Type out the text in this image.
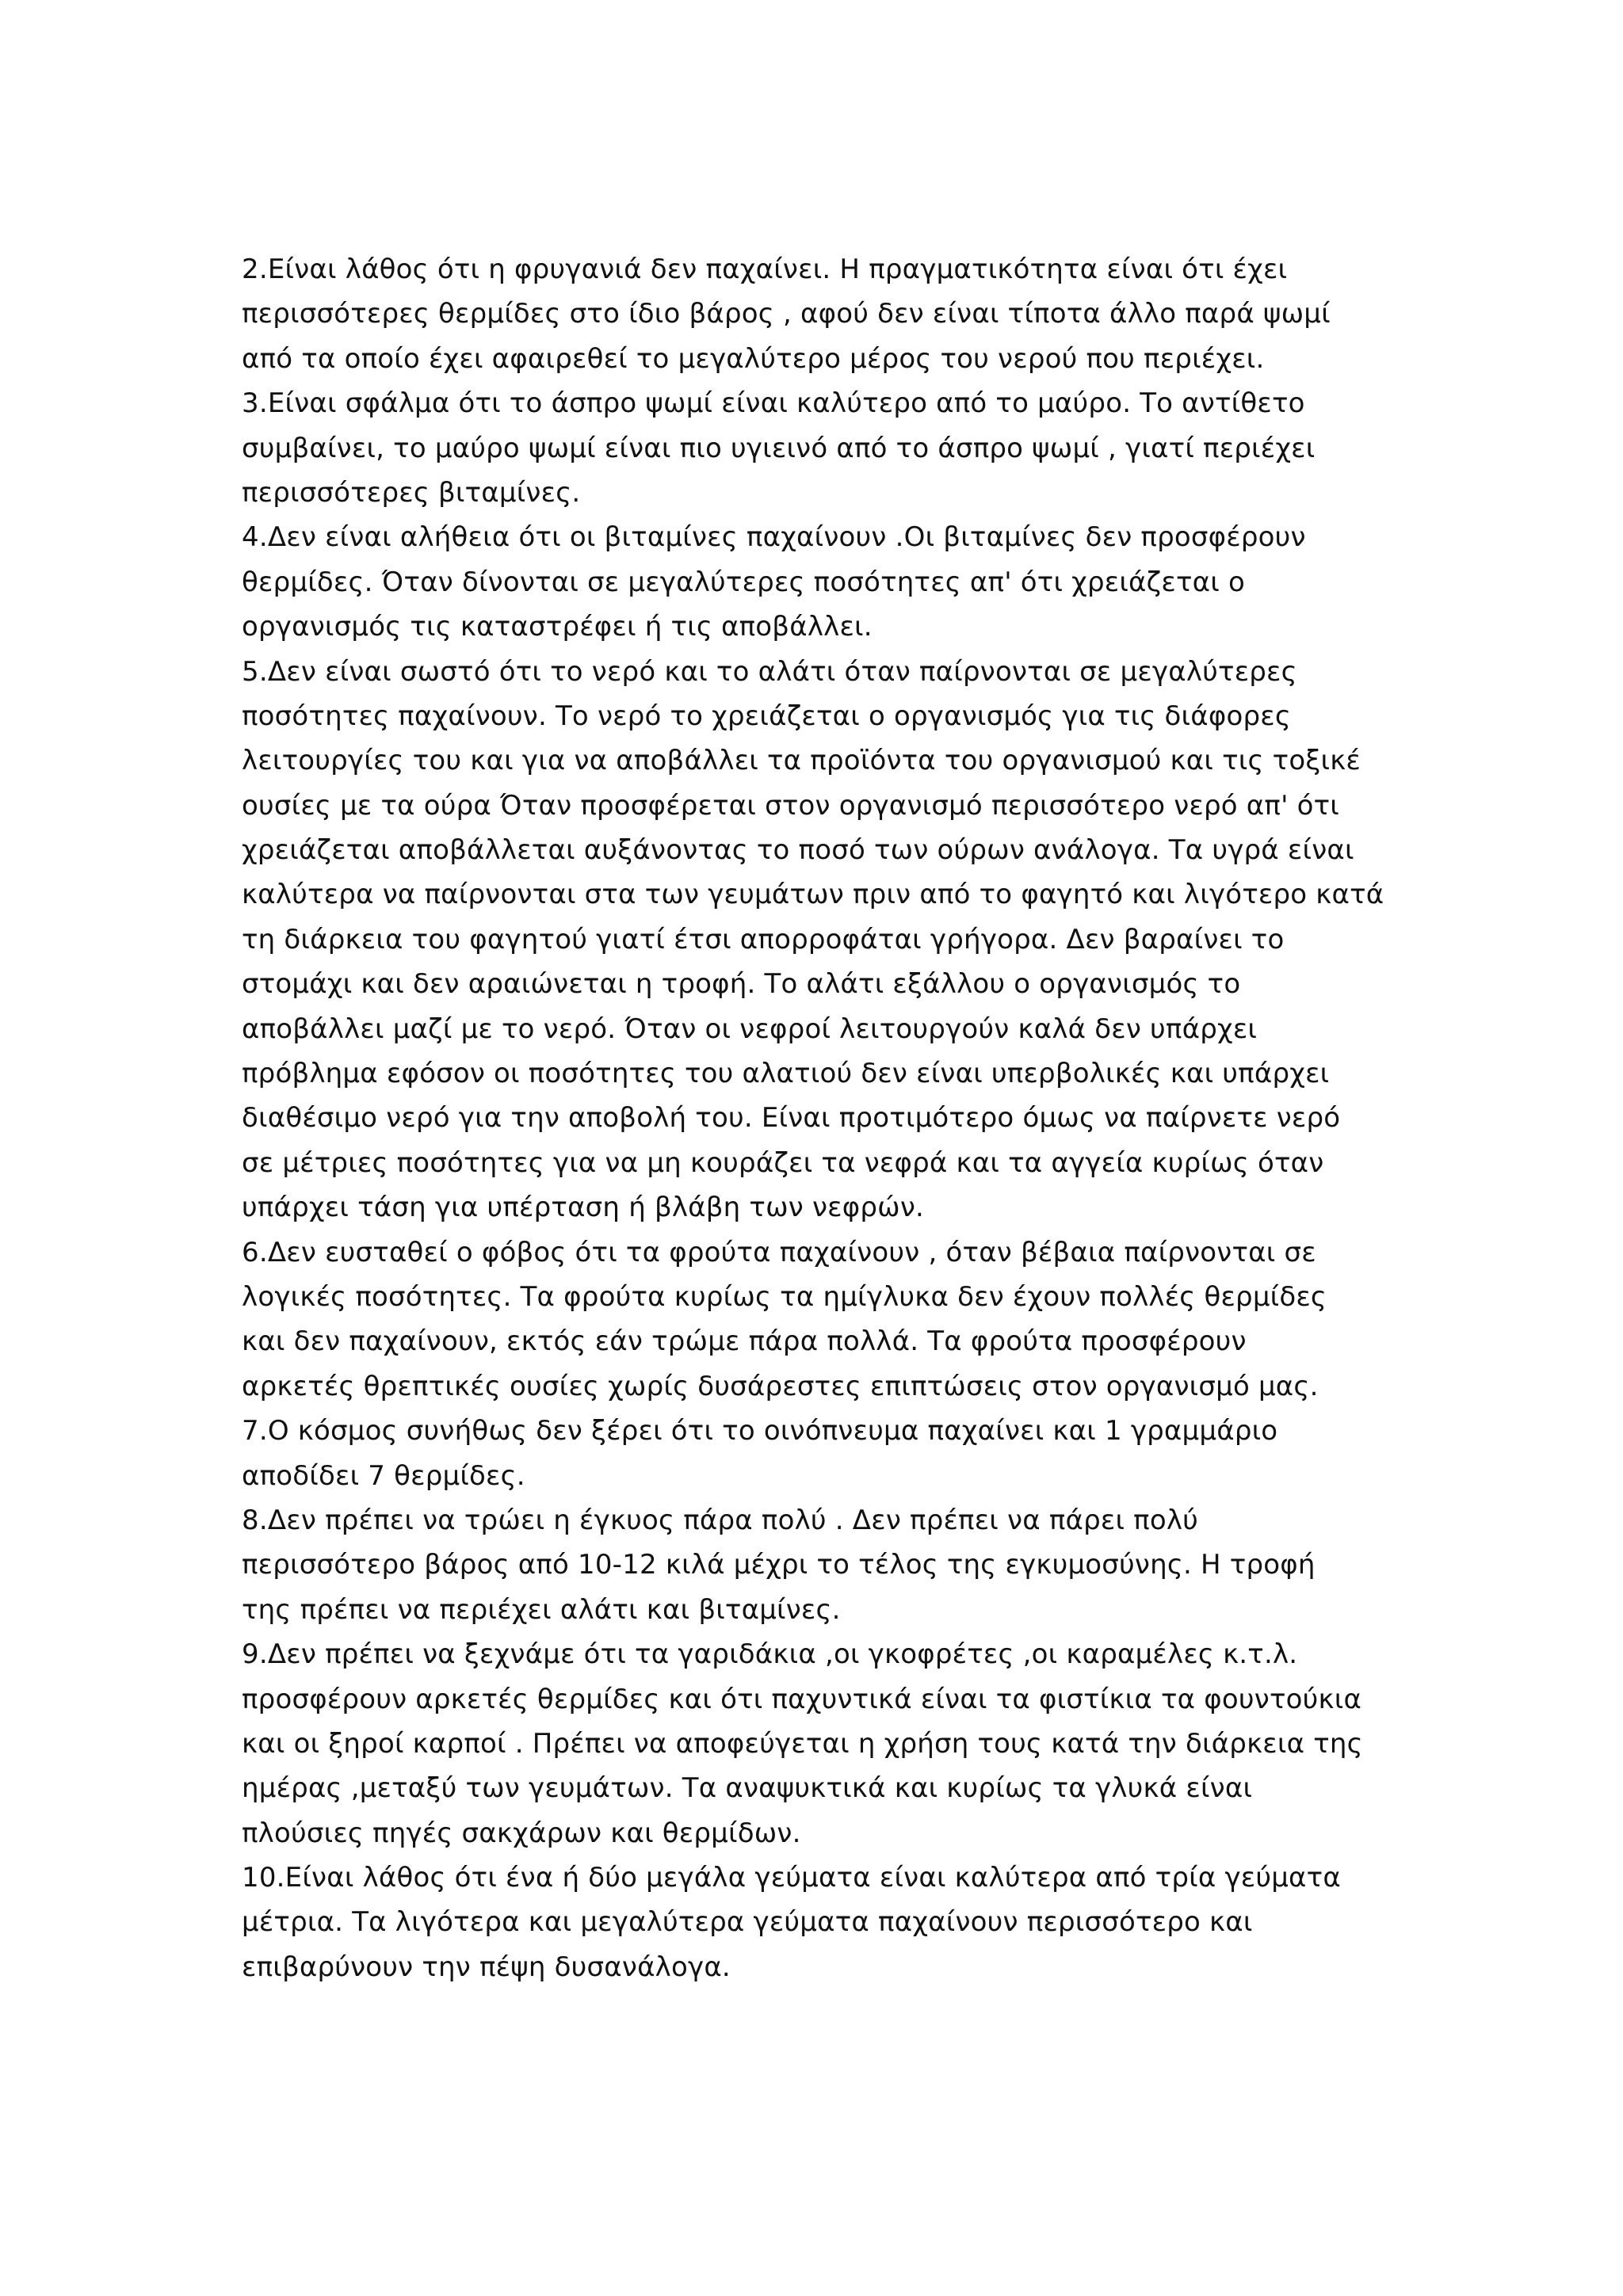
2.Είναι λάθος ότι η φρυγανιά δεν παχαίνει. Η πραγματικότητα είναι ότι έχει
περισσότερες θερμίδες στο ίδιο βάρος , αφού δεν είναι τίποτα άλλο παρά ψωμί
από τα οποίο έχει αφαιρεθεί το μεγαλύτερο μέρος του νερού που περιέχει.
3.Είναι σφάλμα ότι το άσπρο ψωμί είναι καλύτερο από το μαύρο. Το αντίθετο
συμβαίνει, το μαύρο ψωμί είναι πιο υγιεινό από το άσπρο ψωμί , γιατί περιέχει
περισσότερες βιταμίνες.
4.Δεν είναι αλήθεια ότι οι βιταμίνες παχαίνουν .Οι βιταμίνες δεν προσφέρουν
θερμίδες. Όταν δίνονται σε μεγαλύτερες ποσότητες απ' ότι χρειάζεται ο
οργανισμός τις καταστρέφει ή τις αποβάλλει.
5.Δεν είναι σωστό ότι το νερό και το αλάτι όταν παίρνονται σε μεγαλύτερες
ποσότητες παχαίνουν. Το νερό το χρειάζεται ο οργανισμός για τις διάφορες
λειτουργίες του και για να αποβάλλει τα προϊόντα του οργανισμού και τις τοξικέ
ουσίες με τα ούρα Όταν προσφέρεται στον οργανισμό περισσότερο νερό απ' ότι
χρειάζεται αποβάλλεται αυξάνοντας το ποσό των ούρων ανάλογα. Τα υγρά είναι
καλύτερα να παίρνονται στα των γευμάτων πριν από το φαγητό και λιγότερο κατά
τη διάρκεια του φαγητού γιατί έτσι απορροφάται γρήγορα. Δεν βαραίνει το
στομάχι και δεν αραιώνεται η τροφή. Το αλάτι εξάλλου ο οργανισμός το
αποβάλλει μαζί με το νερό. Όταν οι νεφροί λειτουργούν καλά δεν υπάρχει
πρόβλημα εφόσον οι ποσότητες του αλατιού δεν είναι υπερβολικές και υπάρχει
διαθέσιμο νερό για την αποβολή του. Είναι προτιμότερο όμως να παίρνετε νερό
σε μέτριες ποσότητες για να μη κουράζει τα νεφρά και τα αγγεία κυρίως όταν
υπάρχει τάση για υπέρταση ή βλάβη των νεφρών.
6.Δεν ευσταθεί ο φόβος ότι τα φρούτα παχαίνουν , όταν βέβαια παίρνονται σε
λογικές ποσότητες. Τα φρούτα κυρίως τα ημίγλυκα δεν έχουν πολλές θερμίδες
και δεν παχαίνουν, εκτός εάν τρώμε πάρα πολλά. Τα φρούτα προσφέρουν
αρκετές θρεπτικές ουσίες χωρίς δυσάρεστες επιπτώσεις στον οργανισμό μας.
7.Ο κόσμος συνήθως δεν ξέρει ότι το οινόπνευμα παχαίνει και 1 γραμμάριο
αποδίδει 7 θερμίδες.
8.Δεν πρέπει να τρώει η έγκυος πάρα πολύ . Δεν πρέπει να πάρει πολύ
περισσότερο βάρος από 10-12 κιλά μέχρι το τέλος της εγκυμοσύνης. Η τροφή
της πρέπει να περιέχει αλάτι και βιταμίνες.
9.Δεν πρέπει να ξεχνάμε ότι τα γαριδάκια ,οι γκοφρέτες ,οι καραμέλες κ.τ.λ.
προσφέρουν αρκετές θερμίδες και ότι παχυντικά είναι τα φιστίκια τα φουντούκια
και οι ξηροί καρποί . Πρέπει να αποφεύγεται η χρήση τους κατά την διάρκεια της
ημέρας ,μεταξύ των γευμάτων. Τα αναψυκτικά και κυρίως τα γλυκά είναι
πλούσιες πηγές σακχάρων και θερμίδων.
10.Είναι λάθος ότι ένα ή δύο μεγάλα γεύματα είναι καλύτερα από τρία γεύματα
μέτρια. Τα λιγότερα και μεγαλύτερα γεύματα παχαίνουν περισσότερο και
επιβαρύνουν την πέψη δυσανάλογα.
